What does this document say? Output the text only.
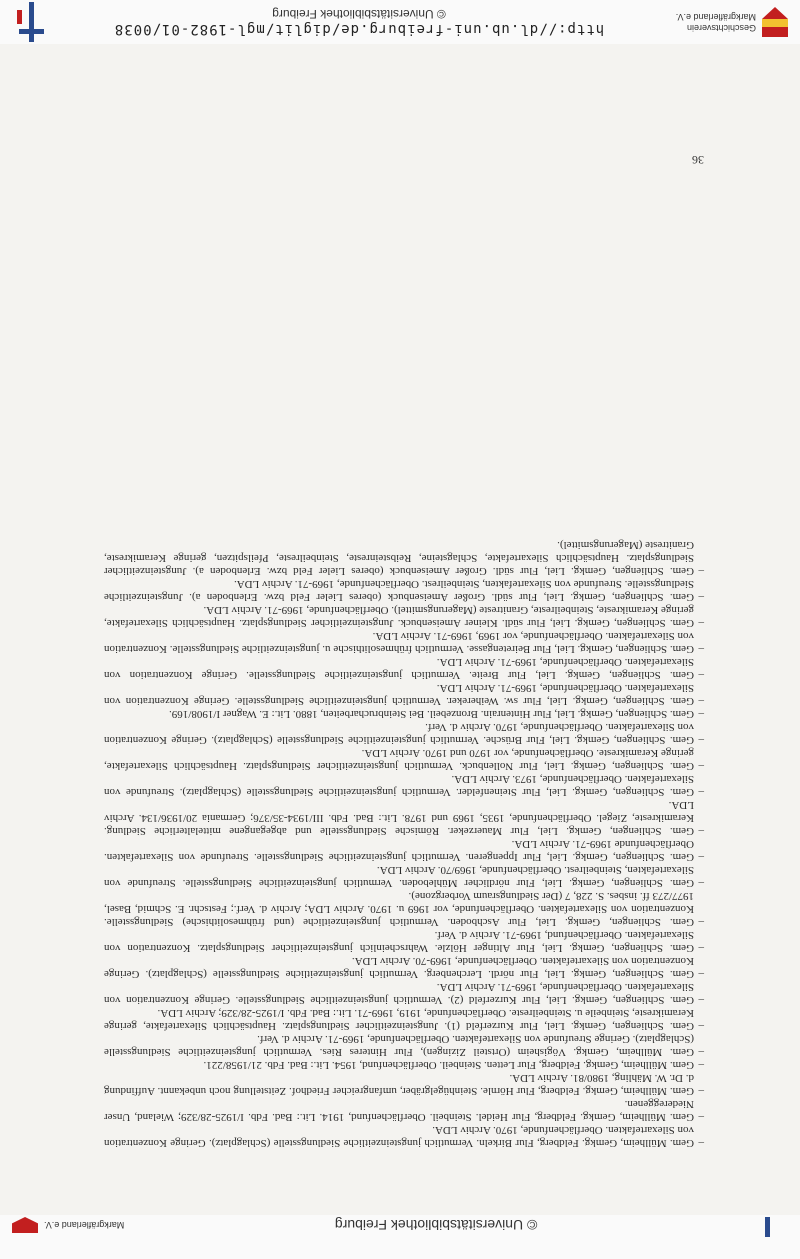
Geschichtsverein Markgräflerland e.V.
http://dl.ub.uni-freiburg.de/diglit/mgl-1982-01/0038
© Universitätsbibliothek Freiburg
– Gem. Müllheim, Gemkg. Feldberg, Flur Birkeln. Vermutlich jungsteinzeitliche Siedlungsstelle (Schlagplatz). Geringe Konzentration von Silexartefakten. Oberflächenfunde, 1970. Archiv LDA.
– Gem. Müllheim, Gemkg. Feldberg, Flur Heidel. Steinbeil. Oberflächenfund, 1914. Lit.: Bad. Fdb. I/1925-28/329; Wieland, Unser Niedereggenen.
– Gem. Müllheim, Gemkg. Feldberg, Flur Hörnle. Steinhügelgräber, umfangreicher Friedhof. Zeitstellung noch unbekannt. Auffindung d. Dr. W. Mähling, 1980/81. Archiv LDA.
– Gem. Müllheim, Gemkg. Feldberg, Flur Letten. Steinbeil. Oberflächenfund, 1954. Lit.: Bad. Fdb. 21/1958/221.
– Gem. Müllheim, Gemkg. Vögisheim (Ortsteil Zizingen), Flur Hinteres Ries. Vermutlich jungsteinzeitliche Siedlungsstelle (Schlagplatz). Geringe Streufunde von Silexartefakten. Oberflächenfunde, 1969-71. Archiv d. Verf.
– Gem. Schliengen, Gemkg. Liel, Flur Kurzerfeld (1). Jungsteinzeitlicher Siedlungsplatz. Hauptsächlich Silexartefakte, geringe Keramikreste, Steinbeile u. Steinbeilreste. Oberflächenfunde, 1919, 1969-71. Lit.: Bad. Fdb. I/1925-28/329; Archiv LDA.
– Gem. Schliengen, Gemkg. Liel, Flur Kurzerfeld (2). Vermutlich jungsteinzeitliche Siedlungsstelle. Geringe Konzentration von Silexartefakten. Oberflächenfunde, 1969-71. Archiv LDA.
– Gem. Schliengen, Gemkg. Liel, Flur nördl. Lerchenberg. Vermutlich jungsteinzeitliche Siedlungsstelle (Schlagplatz). Geringe Konzentration von Silexartefakten. Oberflächenfunde, 1969-70. Archiv LDA.
– Gem. Schliengen, Gemkg. Liel, Flur Altinger Hölzle. Wahrscheinlich jungsteinzeitlicher Siedlungsplatz. Konzentration von Silexartefakten. Oberflächenfund, 1969-71. Archiv d. Verf.
– Gem. Schliengen, Gemkg. Liel, Flur Aschboden. Vermutlich jungsteinzeitliche (und frühmesolithische) Siedlungsstelle. Konzentration von Silexartefakten. Oberflächenfunde, vor 1969 u. 1970. Archiv LDA; Archiv d. Verf.; Festschr. E. Schmid, Basel, 1977/273 ff. insbes. S. 228, 7 (Der Siedlungsraum Vorbergzone).
– Gem. Schliengen, Gemkg. Liel, Flur nördlicher Mühleboden. Vermutlich jungsteinzeitliche Siedlungsstelle. Streufunde von Silexartefakten, Steinbeilrest. Oberflächenfunde, 1969/70. Archiv LDA.
– Gem. Schliengen, Gemkg. Liel, Flur Ippengeren. Vermutlich jungsteinzeitliche Siedlungsstelle. Streufunde von Silexartefakten. Oberflächenfunde 1969-71. Archiv LDA.
– Gem. Schliengen, Gemkg. Liel, Flur Mauerzeker. Römische Siedlungsstelle und abgegangene mittelalterliche Siedlung. Keramikreste, Ziegel. Oberflächenfunde, 1935, 1969 und 1978. Lit.: Bad. Fdb. III/1934-35/376; Germania 20/1936/134. Archiv LDA.
– Gem. Schliengen, Gemkg. Liel, Flur Steinenfelder. Vermutlich jungsteinzeitliche Siedlungsstelle (Schlagplatz). Streufunde von Silexartefakten. Oberflächenfunde, 1973. Archiv LDA.
– Gem. Schliengen, Gemkg. Liel, Flur Nollenbuck. Vermutlich jungsteinzeitlicher Siedlungsplatz. Hauptsächlich Silexartefakte, geringe Keramikreste. Oberflächenfunde, vor 1970 und 1970. Archiv LDA.
– Gem. Schliengen, Gemkg. Liel, Flur Brüsche. Vermutlich jungsteinzeitliche Siedlungsstelle (Schlagplatz). Geringe Konzentration von Silexartefakten. Oberflächenfunde, 1970. Archiv d. Verf.
– Gem. Schliengen, Gemkg. Liel, Flur Hintenrain. Bronzebeil. Bei Steinbrucharbeiten, 1880. Lit.: E. Wagner I/1908/169.
– Gem. Schliengen, Gemkg. Liel, Flur sw. Weihereker. Vermutlich jungsteinzeitliche Siedlungsstelle. Geringe Konzentration von Silexartefakten. Oberflächenfunde, 1969-71. Archiv LDA.
– Gem. Schliengen, Gemkg. Liel, Flur Breite. Vermutlich jungsteinzeitliche Siedlungsstelle. Geringe Konzentration von Silexartefakten. Oberflächenfunde, 1969-71. Archiv LDA.
– Gem. Schliengen, Gemkg. Liel, Flur Beiretengasse. Vermutlich frühmesolithische u. jungsteinzeitliche Siedlungsstelle. Konzentration von Silexartefakten. Oberflächenfunde, vor 1969, 1969-71. Archiv LDA.
– Gem. Schliengen, Gemkg. Liel, Flur südl. Kleiner Ameisenbuck. Jungsteinzeitlicher Siedlungsplatz. Hauptsächlich Silexartefakte, geringe Keramikreste, Steinbeilreste, Granitreste (Magerungsmittel). Oberflächenfunde, 1969-71. Archiv LDA.
– Gem. Schliengen, Gemkg. Liel, Flur südl. Großer Ameisenbuck (oberes Lieler Feld bzw. Erlenboden a). Jungsteinzeitliche Siedlungsstelle. Streufunde von Silexartefakten, Steinbeilrest. Oberflächenfunde, 1969-71. Archiv LDA.
– Gem. Schliengen, Gemkg. Liel, Flur südl. Großer Ameisenbuck (oberes Lieler Feld bzw. Erlenboden a). Jungsteinzeitlicher Siedlungsplatz. Hauptsächlich Silexartefakte, Schlagsteine, Reibsteinreste, Steinbeilreste, Pfeilspitzen, geringe Keramikreste, Granitreste (Magerungsmittel).
36
© Universitätsbibliothek Freiburg
Markgräflerland e.V.
